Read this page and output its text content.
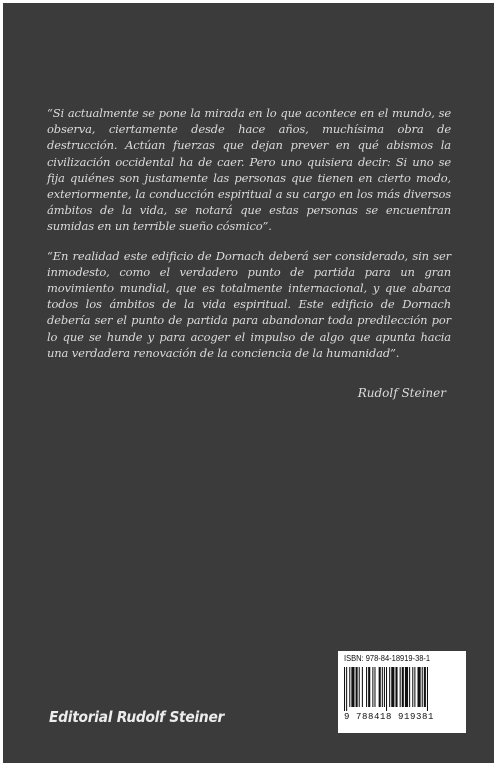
“Si actualmente se pone la mirada en lo que acontece en el mundo, se observa, ciertamente desde hace años, muchísima obra de destrucción. Actúan fuerzas que dejan prever en qué abismos la civilización occidental ha de caer. Pero uno quisiera decir: Si uno se fija quiénes son justamente las personas que tienen en cierto modo, exteriormente, la conducción espiritual a su cargo en los más diversos ámbitos de la vida, se notará que estas personas se encuentran sumidas en un terrible sueño cósmico”.

“En realidad este edificio de Dornach deberá ser considerado, sin ser inmodesto, como el verdadero punto de partida para un gran movimiento mundial, que es totalmente internacional, y que abarca todos los ámbitos de la vida espiritual. Este edificio de Dornach debería ser el punto de partida para abandonar toda predilección por lo que se hunde y para acoger el impulso de algo que apunta hacia una verdadera renovación de la conciencia de la humanidad”.

Rudolf Steiner
Editorial Rudolf Steiner
ISBN: 978-84-18919-38-1
9 788418 919381
